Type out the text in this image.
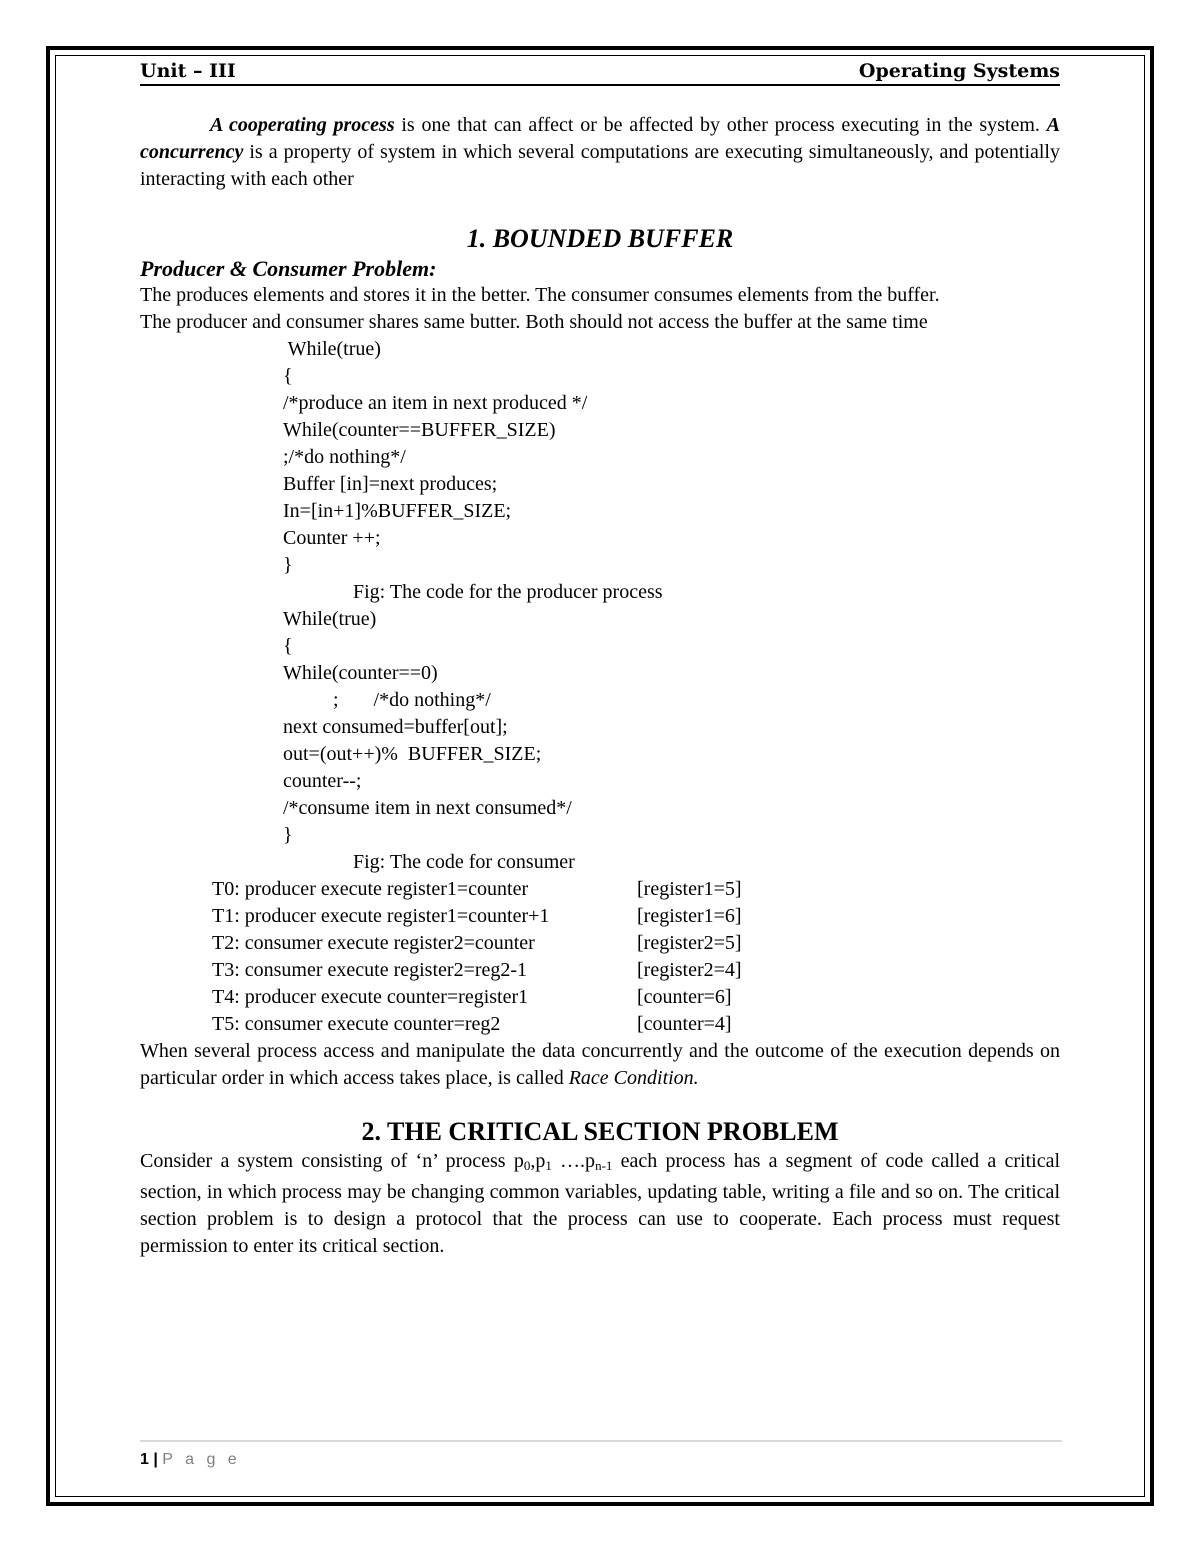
Unit – III	Operating Systems

A cooperating process is one that can affect or be affected by other process executing in the system. A concurrency is a property of system in which several computations are executing simultaneously, and potentially interacting with each other

1. BOUNDED BUFFER
Producer & Consumer Problem:

The produces elements and stores it in the better. The consumer consumes elements from the buffer.

The producer and consumer shares same butter. Both should not access the buffer at the same time

While(true)
{
/*produce an item in next produced */
While(counter==BUFFER_SIZE)
;/*do nothing*/
Buffer [in]=next produces;
In=[in+1]%BUFFER_SIZE;
Counter ++;
}
Fig: The code for the producer process
While(true)
{
While(counter==0)
;       /*do nothing*/
next consumed=buffer[out];
out=(out++)%  BUFFER_SIZE;
counter--;
/*consume item in next consumed*/
}
Fig: The code for consumer
T0: producer execute register1=counter	[register1=5]
T1: producer execute register1=counter+1	[register1=6]
T2: consumer execute register2=counter	[register2=5]
T3: consumer execute register2=reg2-1	[register2=4]
T4: producer execute counter=register1	[counter=6]
T5: consumer execute counter=reg2	[counter=4]

When several process access and manipulate the data concurrently and the outcome of the execution depends on particular order in which access takes place, is called Race Condition.

2. THE CRITICAL SECTION PROBLEM

Consider a system consisting of ‘n’ process $p_0,p_1$ $\dots.p_{n-1}$ each process has a segment of code called a critical section, in which process may be changing common variables, updating table, writing a file and so on. The critical section problem is to design a protocol that the process can use to cooperate. Each process must request permission to enter its critical section.

1 | P a g e
